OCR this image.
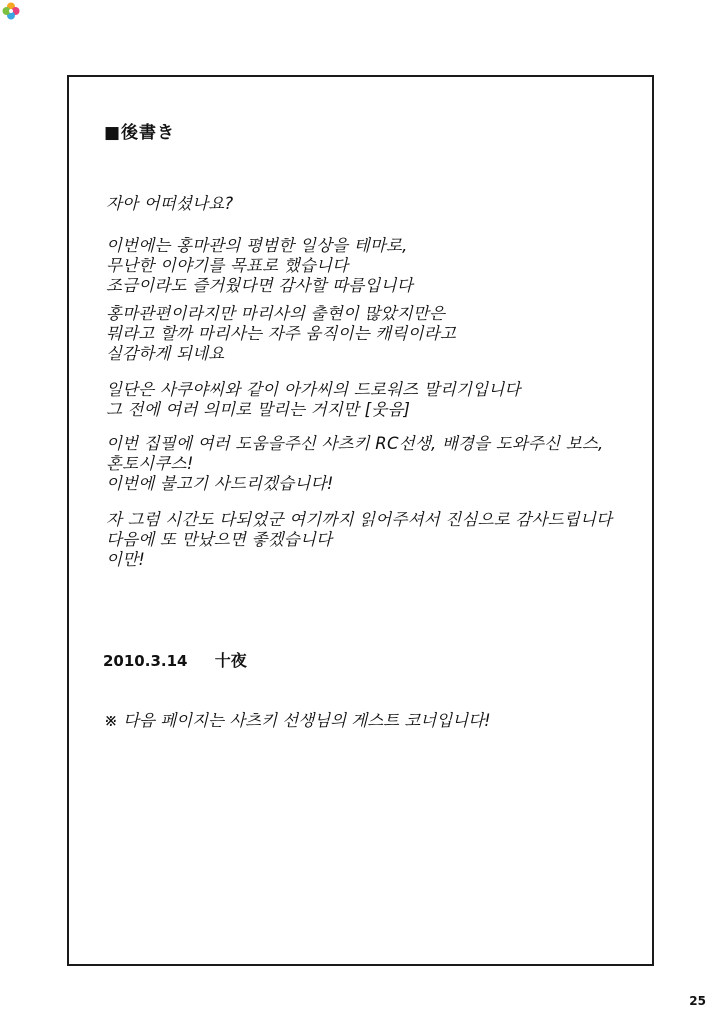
■後書き
자아 어떠셨나요?
이번에는 홍마관의 평범한 일상을 테마로,
무난한 이야기를 목표로 했습니다
조금이라도 즐거웠다면 감사할 따름입니다
홍마관편이라지만 마리사의 출현이 많았지만은
뭐라고 할까 마리사는 자주 움직이는 캐릭이라고
실감하게 되네요
일단은 사쿠야씨와 같이 아가씨의 드로워즈 말리기입니다
그 전에 여러 의미로 말리는 거지만 [웃음]
이번 집필에 여러 도움을주신 사츠키 RC선생, 배경을 도와주신 보스,
혼토시쿠스!
이번에 불고기 사드리겠습니다!
자 그럼 시간도 다되었군 여기까지 읽어주셔서 진심으로 감사드립니다
다음에 또 만났으면 좋겠습니다
이만!
2010.3.14 十夜
※ 다음 페이지는 사츠키 선생님의 게스트 코너입니다!
25
